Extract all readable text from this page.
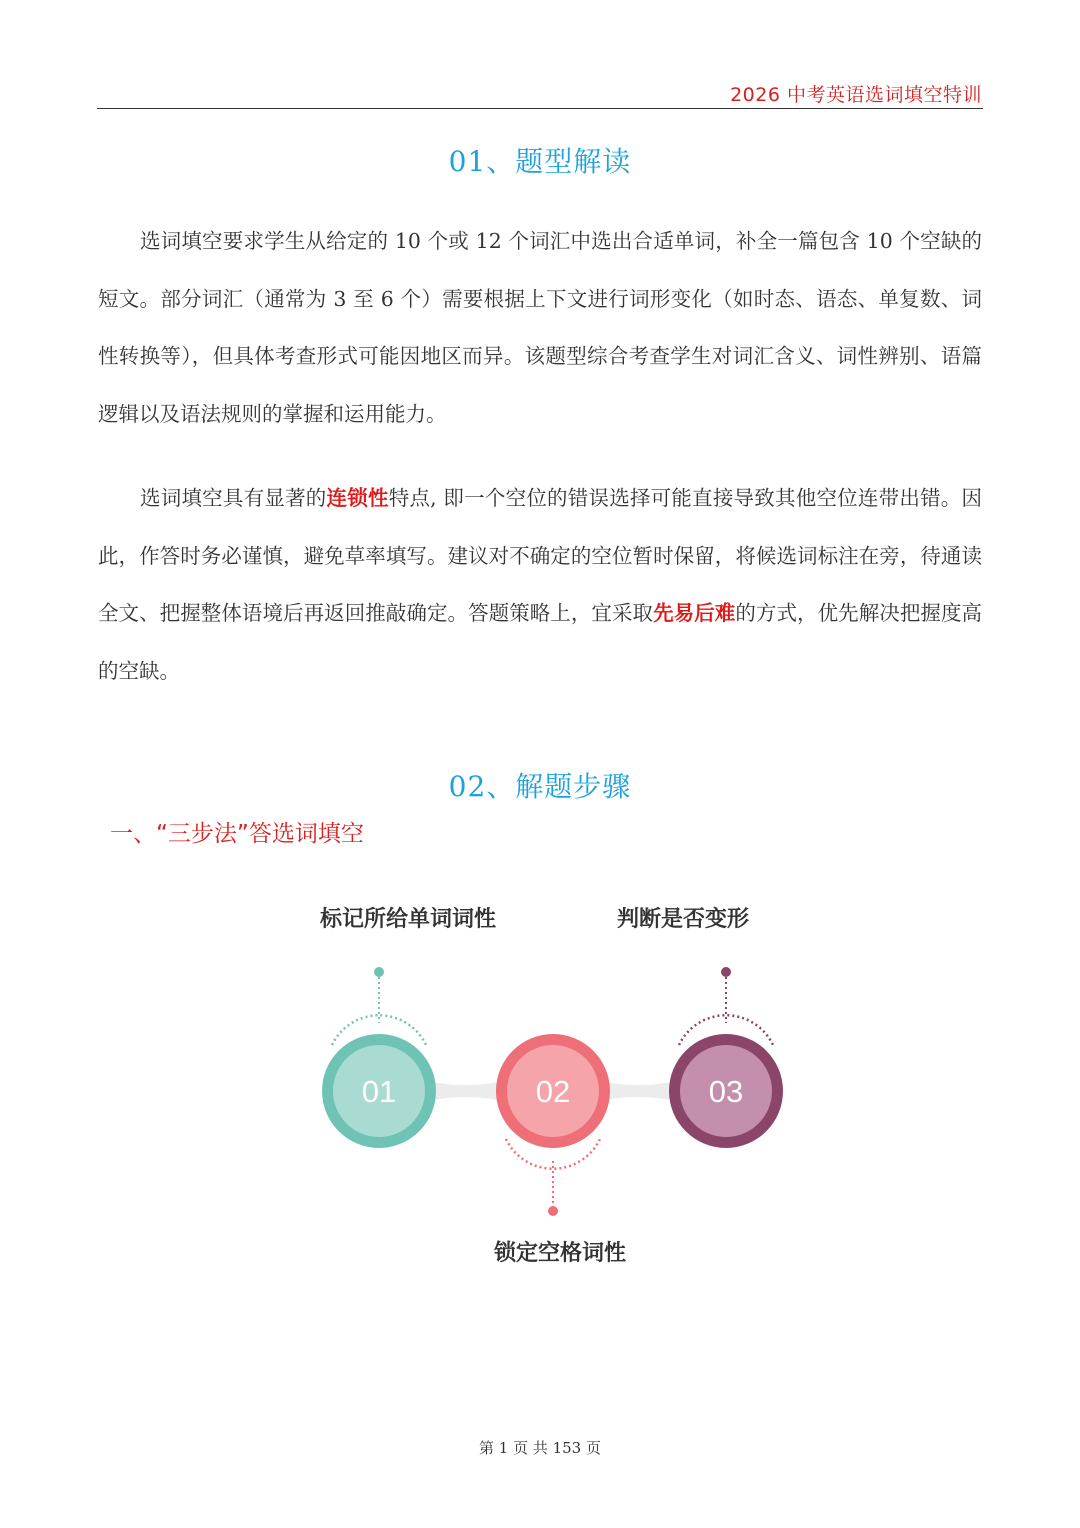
2026 中考英语选词填空特训
01、题型解读

选词填空要求学生从给定的 10 个或 12 个词汇中选出合适单词，补全一篇包含 10 个空缺的短文。部分词汇（通常为 3 至 6 个）需要根据上下文进行词形变化（如时态、语态、单复数、词性转换等），但具体考查形式可能因地区而异。该题型综合考查学生对词汇含义、词性辨别、语篇逻辑以及语法规则的掌握和运用能力。

选词填空具有显著的连锁性特点, 即一个空位的错误选择可能直接导致其他空位连带出错。因此，作答时务必谨慎，避免草率填写。建议对不确定的空位暂时保留，将候选词标注在旁，待通读全文、把握整体语境后再返回推敲确定。答题策略上，宜采取先易后难的方式，优先解决把握度高的空缺。

02、解题步骤
一、“三步法”答选词填空
标记所给单词词性	判断是否变形
锁定空格词性
01	02	03
第 1 页 共 153 页
